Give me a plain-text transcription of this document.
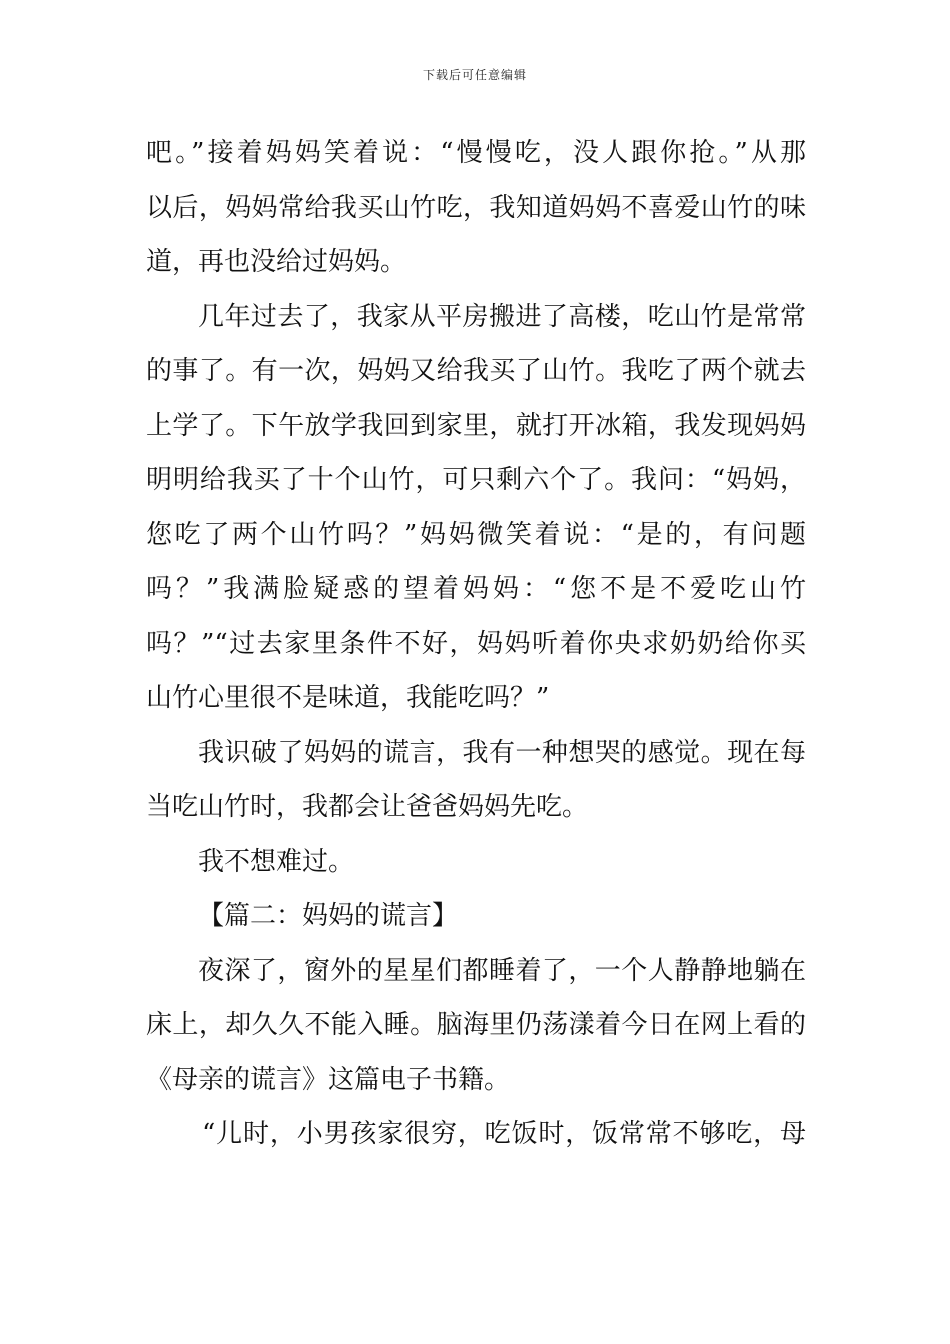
下载后可任意编辑
吧。”接着妈妈笑着说：“慢慢吃，没人跟你抢。”从那
以后，妈妈常给我买山竹吃，我知道妈妈不喜爱山竹的味
道，再也没给过妈妈。
几年过去了，我家从平房搬进了高楼，吃山竹是常常
的事了。有一次，妈妈又给我买了山竹。我吃了两个就去
上学了。下午放学我回到家里，就打开冰箱，我发现妈妈
明明给我买了十个山竹，可只剩六个了。我问：“妈妈，
您吃了两个山竹吗？”妈妈微笑着说：“是的，有问题
吗？”我满脸疑惑的望着妈妈：“您不是不爱吃山竹
吗？”“过去家里条件不好，妈妈听着你央求奶奶给你买
山竹心里很不是味道，我能吃吗？”
我识破了妈妈的谎言，我有一种想哭的感觉。现在每
当吃山竹时，我都会让爸爸妈妈先吃。
我不想难过。
【篇二：妈妈的谎言】
夜深了，窗外的星星们都睡着了，一个人静静地躺在
床上，却久久不能入睡。脑海里仍荡漾着今日在网上看的
《母亲的谎言》这篇电子书籍。
“儿时，小男孩家很穷，吃饭时，饭常常不够吃，母
